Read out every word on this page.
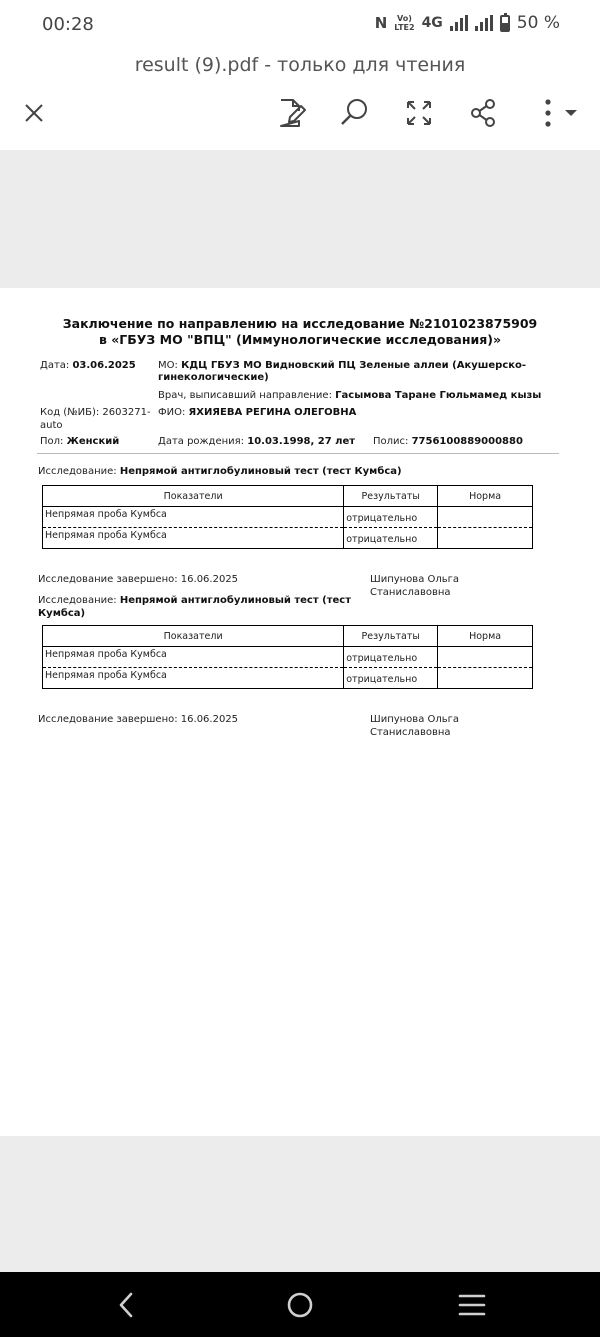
00:28	N	Vo)
LTE2 4G	50 %
result (9).pdf - только для чтения
Заключение по направлению на исследование №2101023875909
в «ГБУЗ МО "ВПЦ" (Иммунологические исследования)»
Дата: 03.06.2025 МО: КДЦ ГБУЗ МО Видновский ПЦ Зеленые аллеи (Акушерско-
гинекологические)
Врач, выписавший направление: Гасымова Таране Гюльмамед кызы
Код (№ИБ): 2603271-
auto
ФИО: ЯХИЯЕВА РЕГИНА ОЛЕГОВНА
Пол: Женский	Дата рождения: 10.03.1998, 27 лет Полис: 7756100889000880
Исследование: Непрямой антиглобулиновый тест (тест Кумбса)
Показатели	Результаты	Норма
Непрямая проба Кумбса	отрицательно	
Непрямая проба Кумбса	отрицательно	
Исследование завершено: 16.06.2025	Шипунова Ольга
Станиславовна
Исследование: Непрямой антиглобулиновый тест (тест
Кумбса)
Показатели	Результаты	Норма
Непрямая проба Кумбса	отрицательно	
Непрямая проба Кумбса	отрицательно	
Исследование завершено: 16.06.2025	Шипунова Ольга
Станиславовна
